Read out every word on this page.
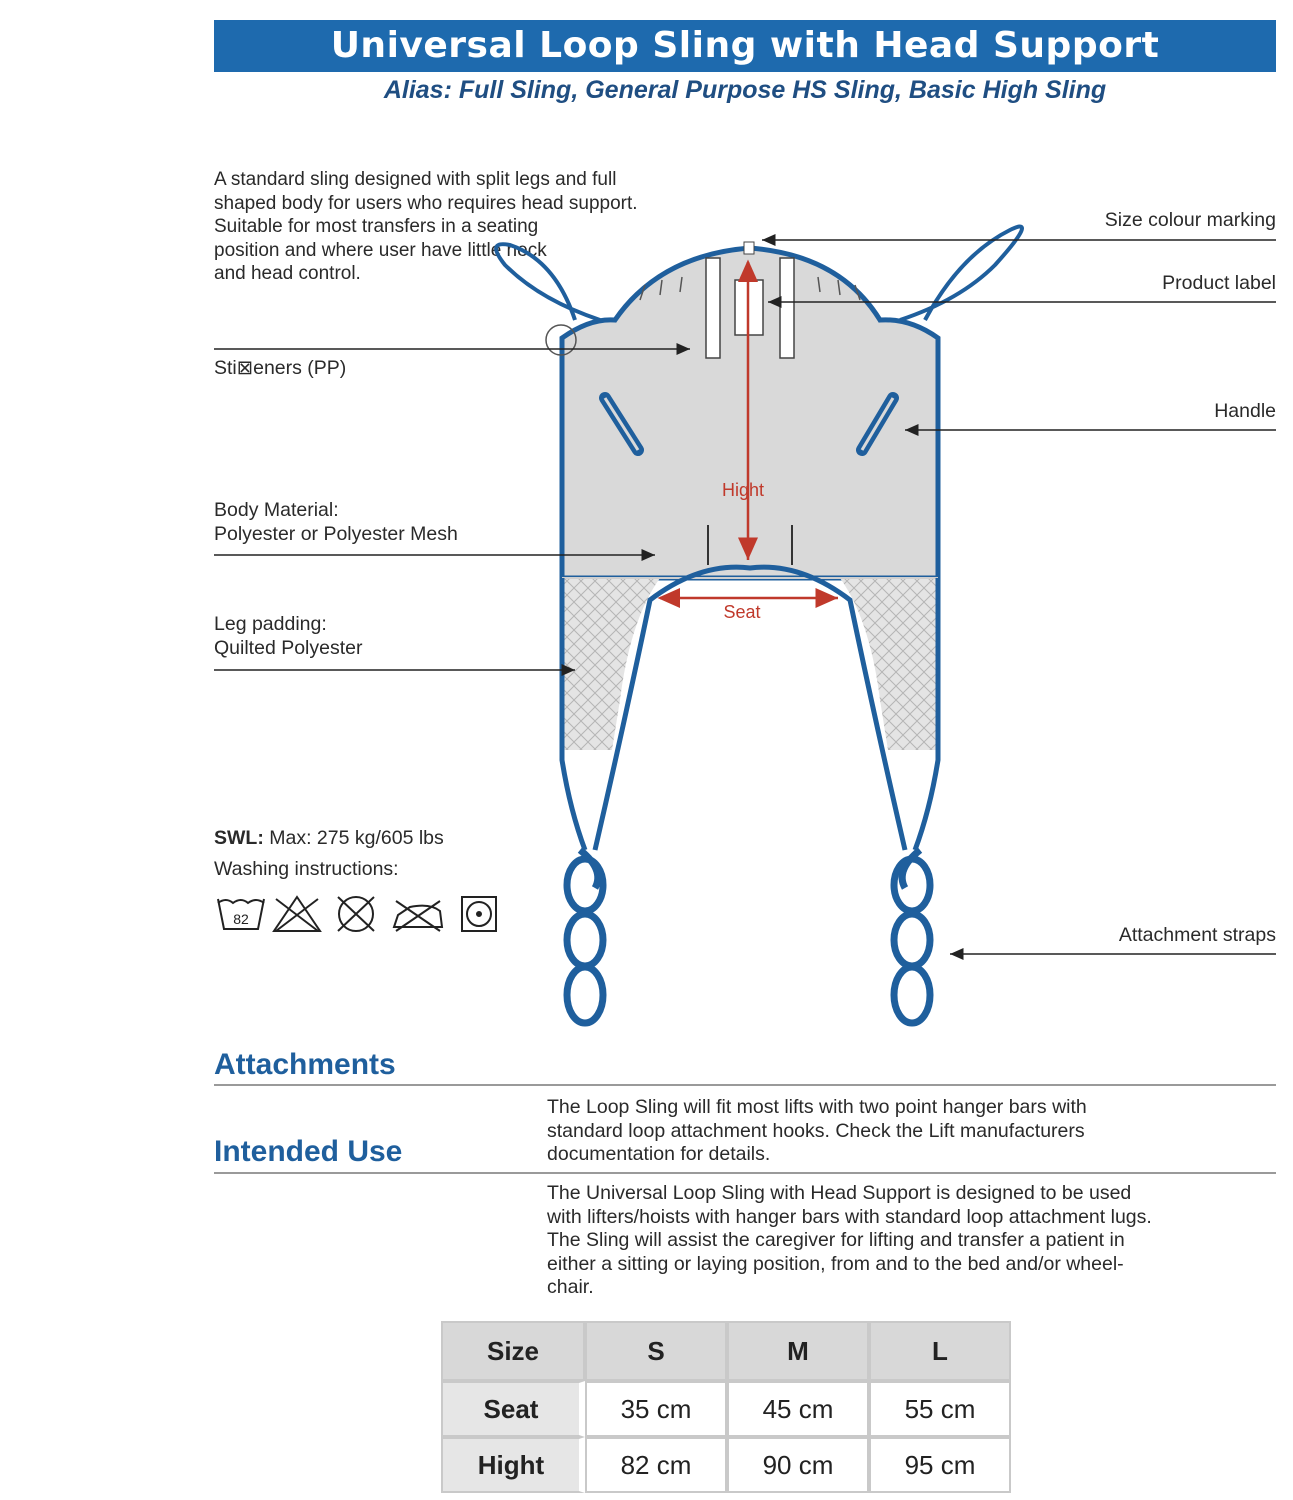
Universal Loop Sling with Head Support
Alias: Full Sling, General Purpose HS Sling, Basic High Sling
A standard sling designed with split legs and full
shaped body for users who requires head support.
Suitable for most transfers in a seating
position and where user have little neck
and head control.
Hight
Seat
Sti⊠eners (PP)
Body Material:
Polyester or Polyester Mesh
Leg padding:
Quilted Polyester
Size colour marking
Product label
Handle
Attachment straps
SWL: Max: 275 kg/605 lbs
Washing instructions:
82
Attachments
The Loop Sling will fit most lifts with two point hanger bars with
standard loop attachment hooks. Check the Lift manufacturers
documentation for details.
Intended Use
The Universal Loop Sling with Head Support is designed to be used
with lifters/hoists with hanger bars with standard loop attachment lugs.
The Sling will assist the caregiver for lifting and transfer a patient in
either a sitting or laying position, from and to the bed and/or wheel-
chair.
Size	S	M	L
Seat	35 cm	45 cm	55 cm
Hight	82 cm	90 cm	95 cm
